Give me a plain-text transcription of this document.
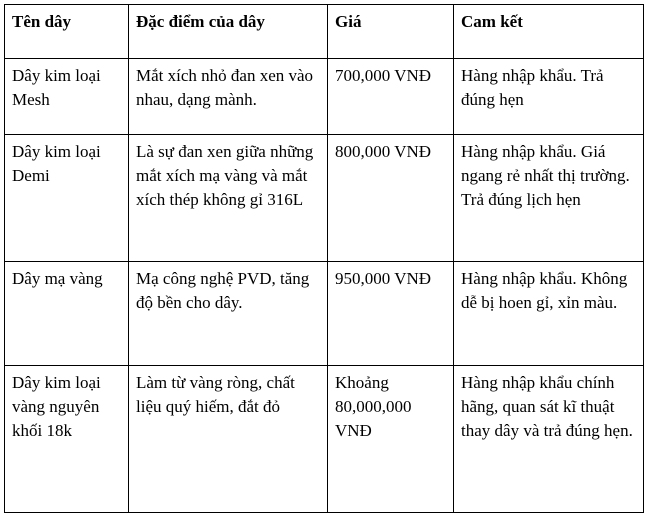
Tên dây	Đặc điểm của dây	Giá	Cam kết
Dây kim loại Mesh	Mắt xích nhỏ đan xen vào nhau, dạng mành.	700,000 VNĐ	Hàng nhập khẩu. Trả đúng hẹn
Dây kim loại Demi	Là sự đan xen giữa những mắt xích mạ vàng và mắt xích thép không gỉ 316L	800,000 VNĐ	Hàng nhập khẩu. Giá ngang rẻ nhất thị trường. Trả đúng lịch hẹn
Dây mạ vàng	Mạ công nghệ PVD, tăng độ bền cho dây.	950,000 VNĐ	Hàng nhập khẩu. Không dễ bị hoen gỉ, xỉn màu.
Dây kim loại vàng nguyên khối 18k	Làm từ vàng ròng, chất liệu quý hiếm, đắt đỏ	Khoảng 80,000,000 VNĐ	Hàng nhập khẩu chính hãng, quan sát kĩ thuật thay dây và trả đúng hẹn.
